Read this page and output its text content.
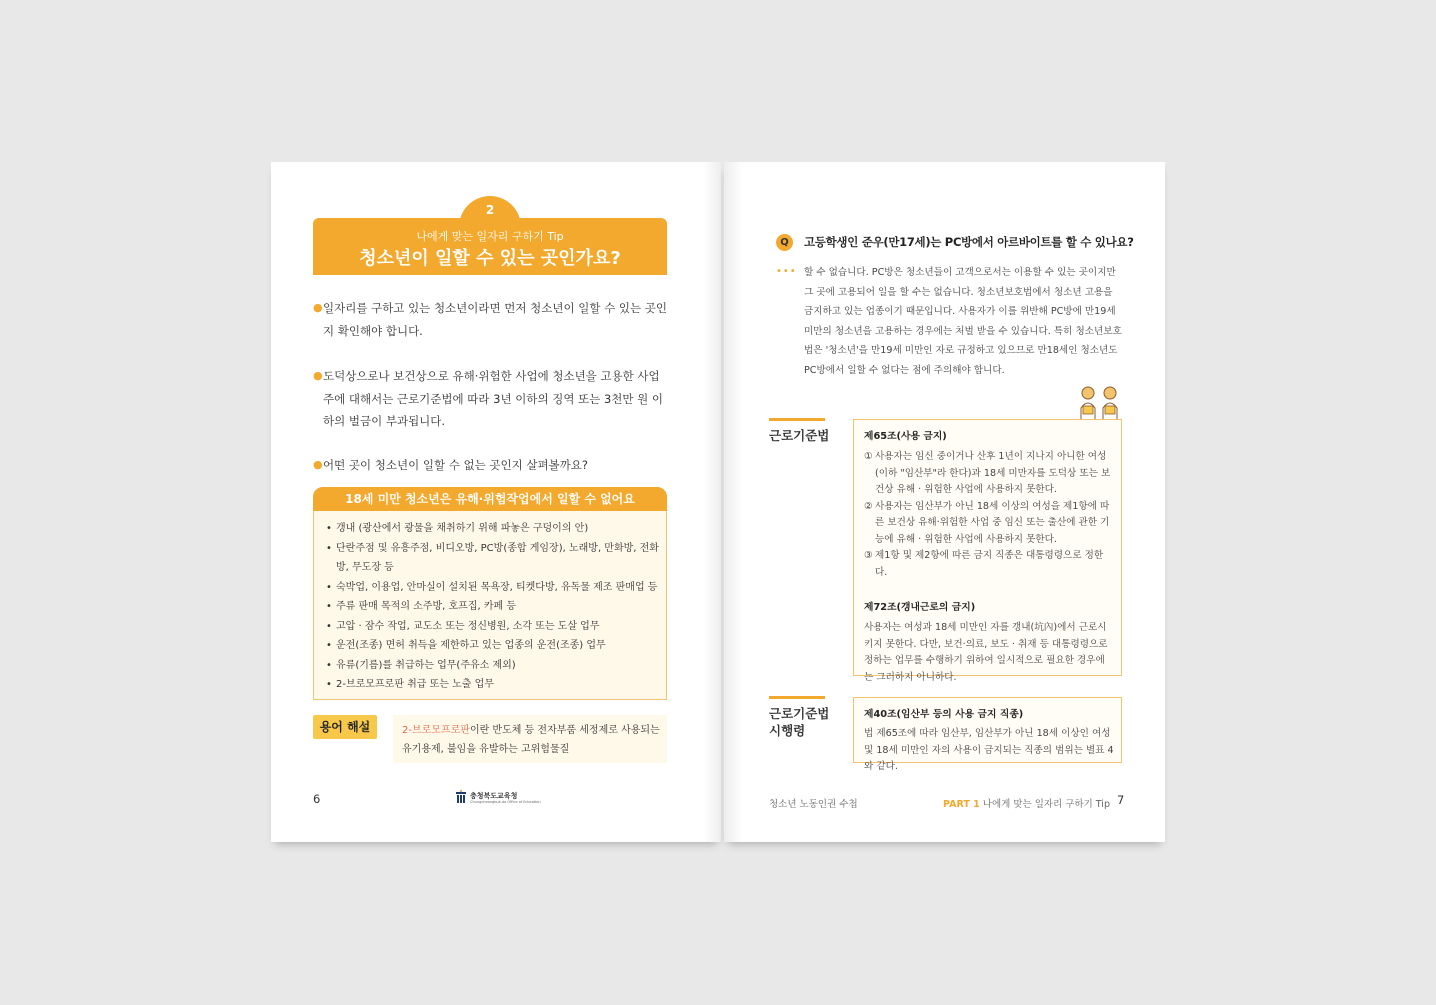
2
나에게 맞는 일자리 구하기 Tip
청소년이 일할 수 있는 곳인가요?
● 일자리를 구하고 있는 청소년이라면 먼저 청소년이 일할 수 있는 곳인지 확인해야 합니다.
● 도덕상으로나 보건상으로 유해·위험한 사업에 청소년을 고용한 사업주에 대해서는 근로기준법에 따라 3년 이하의 징역 또는 3천만 원 이하의 벌금이 부과됩니다.
● 어떤 곳이 청소년이 일할 수 없는 곳인지 살펴볼까요?
18세 미만 청소년은 유해·위험작업에서 일할 수 없어요
• 갱내 (광산에서 광물을 채취하기 위해 파놓은 구덩이의 안)
• 단란주점 및 유흥주점, 비디오방, PC방(종합 게임장), 노래방, 만화방, 전화방, 무도장 등
• 숙박업, 이용업, 안마실이 설치된 목욕장, 티켓다방, 유독물 제조 판매업 등
• 주류 판매 목적의 소주방, 호프집, 카페 등
• 고압 · 잠수 작업, 교도소 또는 정신병원, 소각 또는 도살 업무
• 운전(조종) 면허 취득을 제한하고 있는 업종의 운전(조종) 업무
• 유류(기름)를 취급하는 업무(주유소 제외)
• 2-브로모프로판 취급 또는 노출 업무
용어 해설	2-브로모프로판이란 반도체 등 전자부품 세정제로 사용되는 유기용제, 불임을 유발하는 고위험물질
6	충청북도교육청
Chungcheongbuk-do Office of Education
Q	고등학생인 준우(만17세)는 PC방에서 아르바이트를 할 수 있나요?
••• 할 수 없습니다. PC방은 청소년들이 고객으로서는 이용할 수 있는 곳이지만 그 곳에 고용되어 일을 할 수는 없습니다. 청소년보호법에서 청소년 고용을 금지하고 있는 업종이기 때문입니다. 사용자가 이를 위반해 PC방에 만19세 미만의 청소년을 고용하는 경우에는 처벌 받을 수 있습니다. 특히 청소년보호법은 '청소년'을 만19세 미만인 자로 규정하고 있으므로 만18세인 청소년도 PC방에서 일할 수 없다는 점에 주의해야 합니다.
근로기준법	제65조(사용 금지)

① 사용자는 임신 중이거나 산후 1년이 지나지 아니한 여성(이하 "임산부"라 한다)과 18세 미만자를 도덕상 또는 보건상 유해 · 위험한 사업에 사용하지 못한다.
② 사용자는 임산부가 아닌 18세 이상의 여성을 제1항에 따른 보건상 유해·위험한 사업 중 임신 또는 출산에 관한 기능에 유해 · 위험한 사업에 사용하지 못한다.
③ 제1항 및 제2항에 따른 금지 직종은 대통령령으로 정한다.

제72조(갱내근로의 금지)

사용자는 여성과 18세 미만인 자를 갱내(坑內)에서 근로시키지 못한다. 다만, 보건·의료, 보도 · 취재 등 대통령령으로 정하는 업무를 수행하기 위하여 일시적으로 필요한 경우에는 그러하지 아니하다.
근로기준법
시행령

제40조(임산부 등의 사용 금지 직종)

법 제65조에 따라 임산부, 임산부가 아닌 18세 이상인 여성 및 18세 미만인 자의 사용이 금지되는 직종의 범위는 별표 4와 같다.
청소년 노동인권 수첩	PART 1 나에게 맞는 일자리 구하기 Tip 7
